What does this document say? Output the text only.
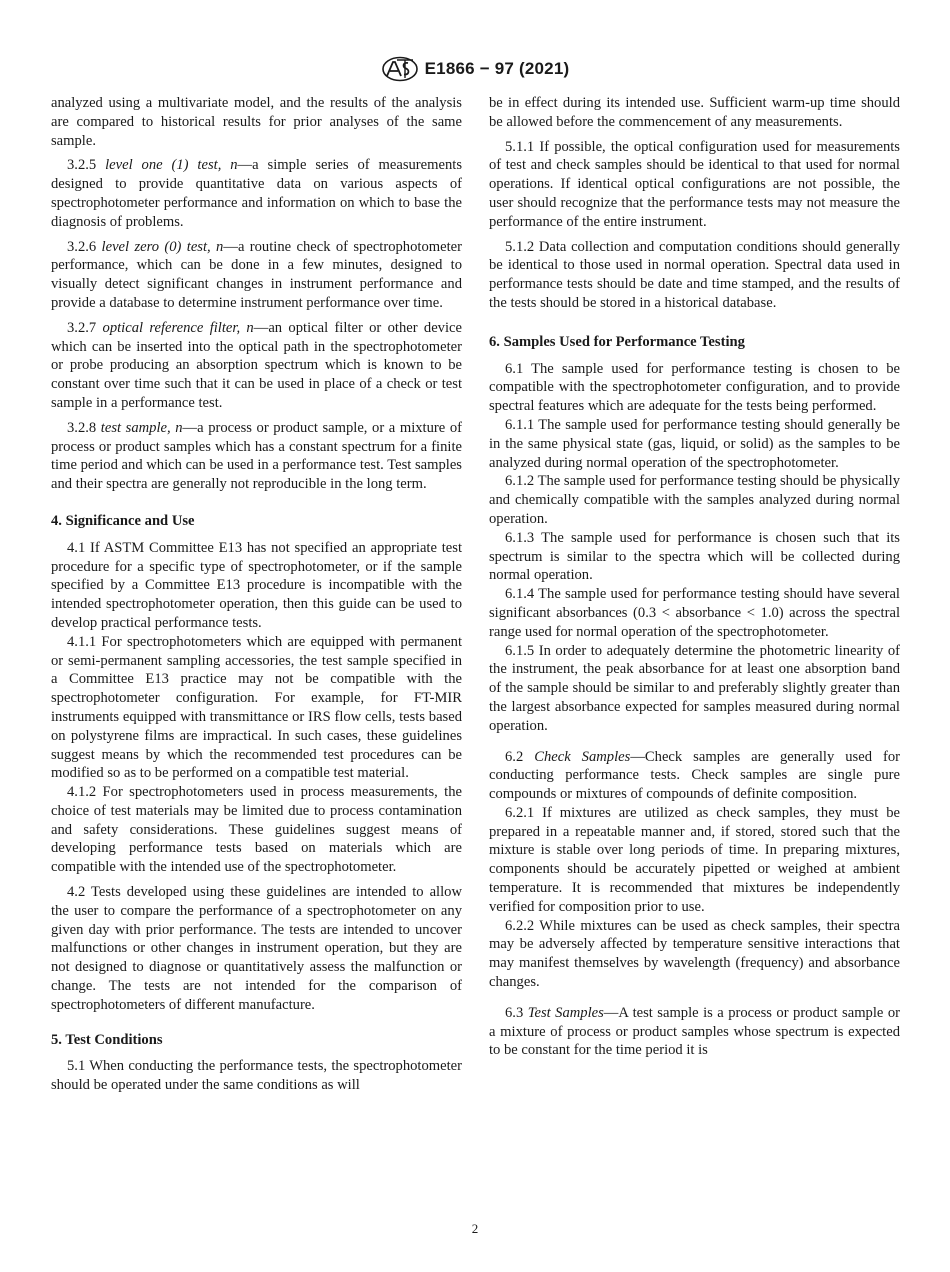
E1866 − 97 (2021)

analyzed using a multivariate model, and the results of the analysis are compared to historical results for prior analyses of the same sample.

3.2.5 level one (1) test, n—a simple series of measurements designed to provide quantitative data on various aspects of spectrophotometer performance and information on which to base the diagnosis of problems.

3.2.6 level zero (0) test, n—a routine check of spectrophotometer performance, which can be done in a few minutes, designed to visually detect significant changes in instrument performance and provide a database to determine instrument performance over time.

3.2.7 optical reference filter, n—an optical filter or other device which can be inserted into the optical path in the spectrophotometer or probe producing an absorption spectrum which is known to be constant over time such that it can be used in place of a check or test sample in a performance test.

3.2.8 test sample, n—a process or product sample, or a mixture of process or product samples which has a constant spectrum for a finite time period and which can be used in a performance test. Test samples and their spectra are generally not reproducible in the long term.

4. Significance and Use

4.1 If ASTM Committee E13 has not specified an appropriate test procedure for a specific type of spectrophotometer, or if the sample specified by a Committee E13 procedure is incompatible with the intended spectrophotometer operation, then this guide can be used to develop practical performance tests.

4.1.1 For spectrophotometers which are equipped with permanent or semi-permanent sampling accessories, the test sample specified in a Committee E13 practice may not be compatible with the spectrophotometer configuration. For example, for FT-MIR instruments equipped with transmittance or IRS flow cells, tests based on polystyrene films are impractical. In such cases, these guidelines suggest means by which the recommended test procedures can be modified so as to be performed on a compatible test material.

4.1.2 For spectrophotometers used in process measurements, the choice of test materials may be limited due to process contamination and safety considerations. These guidelines suggest means of developing performance tests based on materials which are compatible with the intended use of the spectrophotometer.

4.2 Tests developed using these guidelines are intended to allow the user to compare the performance of a spectrophotometer on any given day with prior performance. The tests are intended to uncover malfunctions or other changes in instrument operation, but they are not designed to diagnose or quantitatively assess the malfunction or change. The tests are not intended for the comparison of spectrophotometers of different manufacture.

5. Test Conditions

5.1 When conducting the performance tests, the spectrophotometer should be operated under the same conditions as will

be in effect during its intended use. Sufficient warm-up time should be allowed before the commencement of any measurements.

5.1.1 If possible, the optical configuration used for measurements of test and check samples should be identical to that used for normal operations. If identical optical configurations are not possible, the user should recognize that the performance tests may not measure the performance of the entire instrument.

5.1.2 Data collection and computation conditions should generally be identical to those used in normal operation. Spectral data used in performance tests should be date and time stamped, and the results of the tests should be stored in a historical database.

6. Samples Used for Performance Testing

6.1 The sample used for performance testing is chosen to be compatible with the spectrophotometer configuration, and to provide spectral features which are adequate for the tests being performed.

6.1.1 The sample used for performance testing should generally be in the same physical state (gas, liquid, or solid) as the samples to be analyzed during normal operation of the spectrophotometer.

6.1.2 The sample used for performance testing should be physically and chemically compatible with the samples analyzed during normal operation.

6.1.3 The sample used for performance is chosen such that its spectrum is similar to the spectra which will be collected during normal operation.

6.1.4 The sample used for performance testing should have several significant absorbances (0.3 < absorbance < 1.0) across the spectral range used for normal operation of the spectrophotometer.

6.1.5 In order to adequately determine the photometric linearity of the instrument, the peak absorbance for at least one absorption band of the sample should be similar to and preferably slightly greater than the largest absorbance expected for samples measured during normal operation.

6.2 Check Samples—Check samples are generally used for conducting performance tests. Check samples are single pure compounds or mixtures of compounds of definite composition.

6.2.1 If mixtures are utilized as check samples, they must be prepared in a repeatable manner and, if stored, stored such that the mixture is stable over long periods of time. In preparing mixtures, components should be accurately pipetted or weighed at ambient temperature. It is recommended that mixtures be independently verified for composition prior to use.

6.2.2 While mixtures can be used as check samples, their spectra may be adversely affected by temperature sensitive interactions that may manifest themselves by wavelength (frequency) and absorbance changes.

6.3 Test Samples—A test sample is a process or product sample or a mixture of process or product samples whose spectrum is expected to be constant for the time period it is

2
